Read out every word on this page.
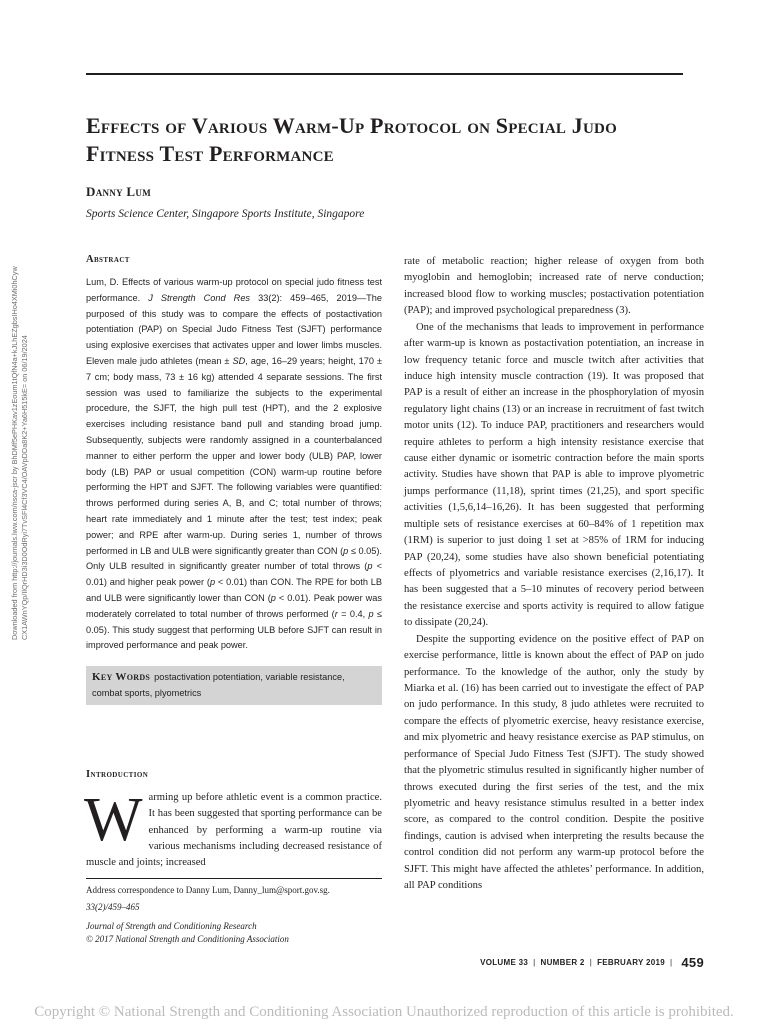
Effects of Various Warm-Up Protocol on Special Judo Fitness Test Performance
Danny Lum
Sports Science Center, Singapore Sports Institute, Singapore
Downloaded from http://journals.lww.com/nsca-jscr by BhDMf5ePHKav1zEoum1tQfN4a+kJLhEZgbsIHo4XMi0hCyw CX1AWnYQp/IlQrHD3i3D0OdRyi7TvSFl4Cf3VC4/OAVpDDa8K2+Ya6H515kE= on 06/19/2024
Abstract

Lum, D. Effects of various warm-up protocol on special judo fitness test performance. J Strength Cond Res 33(2): 459–465, 2019—The purposed of this study was to compare the effects of postactivation potentiation (PAP) on Special Judo Fitness Test (SJFT) performance using explosive exercises that activates upper and lower limbs muscles. Eleven male judo athletes (mean ± SD, age, 16–29 years; height, 170 ± 7 cm; body mass, 73 ± 16 kg) attended 4 separate sessions. The first session was used to familiarize the subjects to the experimental procedure, the SJFT, the high pull test (HPT), and the 2 explosive exercises including resistance band pull and standing broad jump. Subsequently, subjects were randomly assigned in a counterbalanced manner to either perform the upper and lower body (ULB) PAP, lower body (LB) PAP or usual competition (CON) warm-up routine before performing the HPT and SJFT. The following variables were quantified: throws performed during series A, B, and C; total number of throws; heart rate immediately and 1 minute after the test; test index; peak power; and RPE after warm-up. During series 1, number of throws performed in LB and ULB were significantly greater than CON (p ≤ 0.05). Only ULB resulted in significantly greater number of total throws (p < 0.01) and higher peak power (p < 0.01) than CON. The RPE for both LB and ULB were significantly lower than CON (p < 0.01). Peak power was moderately correlated to total number of throws performed (r = 0.4, p ≤ 0.05). This study suggest that performing ULB before SJFT can result in improved performance and peak power.

Key Words postactivation potentiation, variable resistance, combat sports, plyometrics
Introduction

Warming up before athletic event is a common practice. It has been suggested that sporting performance can be enhanced by performing a warm-up routine via various mechanisms including decreased resistance of muscle and joints; increased

Address correspondence to Danny Lum, Danny_lum@sport.gov.sg.

33(2)/459–465

Journal of Strength and Conditioning Research

© 2017 National Strength and Conditioning Association

rate of metabolic reaction; higher release of oxygen from both myoglobin and hemoglobin; increased rate of nerve conduction; increased blood flow to working muscles; postactivation potentiation (PAP); and improved psychological preparedness (3).

One of the mechanisms that leads to improvement in performance after warm-up is known as postactivation potentiation, an increase in low frequency tetanic force and muscle twitch after activities that induce high intensity muscle contraction (19). It was proposed that PAP is a result of either an increase in the phosphorylation of myosin regulatory light chains (13) or an increase in recruitment of fast twitch motor units (12). To induce PAP, practitioners and researchers would require athletes to perform a high intensity resistance exercise that cause either dynamic or isometric contraction before the main sports activity. Studies have shown that PAP is able to improve plyometric jumps performance (11,18), sprint times (21,25), and sport specific activities (1,5,6,14–16,26). It has been suggested that performing multiple sets of resistance exercises at 60–84% of 1 repetition max (1RM) is superior to just doing 1 set at >85% of 1RM for inducing PAP (20,24), some studies have also shown beneficial potentiating effects of plyometrics and variable resistance exercises (2,16,17). It has been suggested that a 5–10 minutes of recovery period between the resistance exercise and sports activity is required to allow fatigue to dissipate (20,24).

Despite the supporting evidence on the positive effect of PAP on exercise performance, little is known about the effect of PAP on judo performance. To the knowledge of the author, only the study by Miarka et al. (16) has been carried out to investigate the effect of PAP on judo performance. In this study, 8 judo athletes were recruited to compare the effects of plyometric exercise, heavy resistance exercise, and mix plyometric and heavy resistance exercise as PAP stimulus, on performance of Special Judo Fitness Test (SJFT). The study showed that the plyometric stimulus resulted in significantly higher number of throws executed during the first series of the test, and the mix plyometric and heavy resistance stimulus resulted in a better index score, as compared to the control condition. Despite the positive findings, caution is advised when interpreting the results because the control condition did not perform any warm-up protocol before the SJFT. This might have affected the athletes’ performance. In addition, all PAP conditions

VOLUME 33 | NUMBER 2 | FEBRUARY 2019 | 459
Copyright © National Strength and Conditioning Association Unauthorized reproduction of this article is prohibited.
